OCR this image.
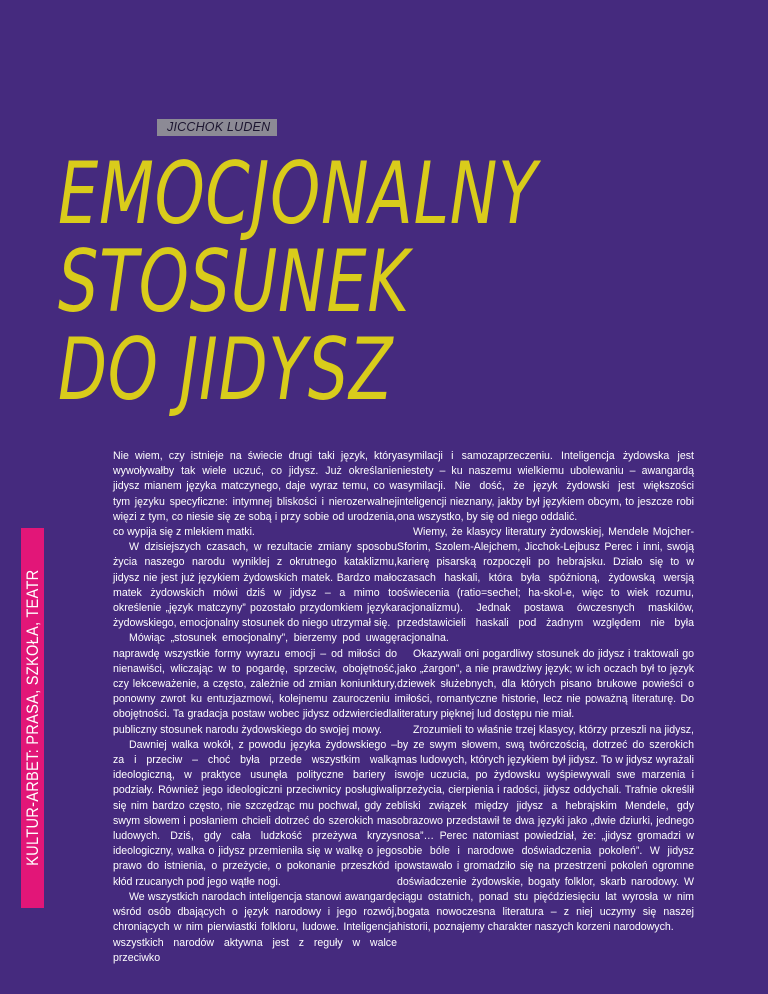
JICCHOK LUDEN
EMOCJONALNY
STOSUNEK
DO JIDYSZ
KULTUR-ARBET: PRASA, SZKOŁA, TEATR

Nie wiem, czy istnieje na świecie drugi taki język, który wywoływałby tak wiele uczuć, co jidysz. Już określanie jidysz mianem języka matczynego, daje wyraz temu, co w tym języku specyficzne: intymnej bliskości i nierozerwalnej więzi z tym, co niesie się ze sobą i przy sobie od urodzenia, co wypija się z mlekiem matki.

W dzisiejszych czasach, w rezultacie zmiany sposobu życia naszego narodu wyniklej z okrutnego kataklizmu, jidysz nie jest już językiem żydowskich matek. Bardzo mało matek żydowskich mówi dziś w jidysz – a mimo to określenie „język matczyny” pozostało przydomkiem języka żydowskiego, emocjonalny stosunek do niego utrzymał się.

Mówiąc „stosunek emocjonalny”, bierzemy pod uwagę naprawdę wszystkie formy wyrazu emocji – od miłości do nienawiści, wliczając w to pogardę, sprzeciw, obojętność, czy lekceważenie, a często, zależnie od zmian koniunktury, ponowny zwrot ku entuzjazmowi, kolejnemu zauroczeniu i obojętności. Ta gradacja postaw wobec jidysz odzwierciedla publiczny stosunek narodu żydowskiego do swojej mowy.

Dawniej walka wokół, z powodu języka żydowskiego – za i przeciw – choć była przede wszystkim walką ideologiczną, w praktyce usunęła polityczne bariery i podziały. Również jego ideologiczni przeciwnicy posługiwali się nim bardzo często, nie szczędząc mu pochwał, gdy ze swym słowem i posłaniem chcieli dotrzeć do szerokich mas ludowych. Dziś, gdy cała ludzkość przeżywa kryzys ideologiczny, walka o jidysz przemieniła się w walkę o jego prawo do istnienia, o przeżycie, o pokonanie przeszkód i kłód rzucanych pod jego wątłe nogi.

We wszystkich narodach inteligencja stanowi awangardę wśród osób dbających o język narodowy i jego rozwój, chroniących w nim pierwiastki folkloru, ludowe. Inteligencja wszystkich narodów aktywna jest z reguły w walce przeciwko

asymilacji i samozaprzeczeniu. Inteligencja żydowska jest niestety – ku naszemu wielkiemu ubolewaniu – awangardą asymilacji. Nie dość, że język żydowski jest większości inteligencji nieznany, jakby był językiem obcym, to jeszcze robi ona wszystko, by się od niego oddalić.

Wiemy, że klasycy literatury żydowskiej, Mendele Mojcher-Sforim, Szolem-Alejchem, Jicchok-Lejbusz Perec i inni, swoją karierę pisarską rozpoczęli po hebrajsku. Działo się to w czasach haskali, która była spóźnioną, żydowską wersją oświecenia (ratio=sechel; ha-skol-e, więc to wiek rozumu, racjonalizmu). Jednak postawa ówczesnych maskilów, przedstawicieli haskali pod żadnym względem nie była racjonalna.

Okazywali oni pogardliwy stosunek do jidysz i traktowali go jako „żargon”, a nie prawdziwy język; w ich oczach był to język dziewek służebnych, dla których pisano brukowe powieści o miłości, romantyczne historie, lecz nie poważną literaturę. Do literatury pięknej lud dostępu nie miał.

Zrozumieli to właśnie trzej klasycy, którzy przeszli na jidysz, by ze swym słowem, swą twórczością, dotrzeć do szerokich mas ludowych, których językiem był jidysz. To w jidysz wyrażali swoje uczucia, po żydowsku wyśpiewywali swe marzenia i przeżycia, cierpienia i radości, jidysz oddychali. Trafnie określił bliski związek między jidysz a hebrajskim Mendele, gdy obrazowo przedstawił te dwa języki jako „dwie dziurki, jednego nosa”… Perec natomiast powiedział, że: „jidysz gromadzi w sobie bóle i narodowe doświadczenia pokoleń”. W jidysz powstawało i gromadziło się na przestrzeni pokoleń ogromne doświadczenie żydowskie, bogaty folklor, skarb narodowy. W ciągu ostatnich, ponad stu pięćdziesięciu lat wyrosła w nim bogata nowoczesna literatura – z niej uczymy się naszej historii, poznajemy charakter naszych korzeni narodowych.
